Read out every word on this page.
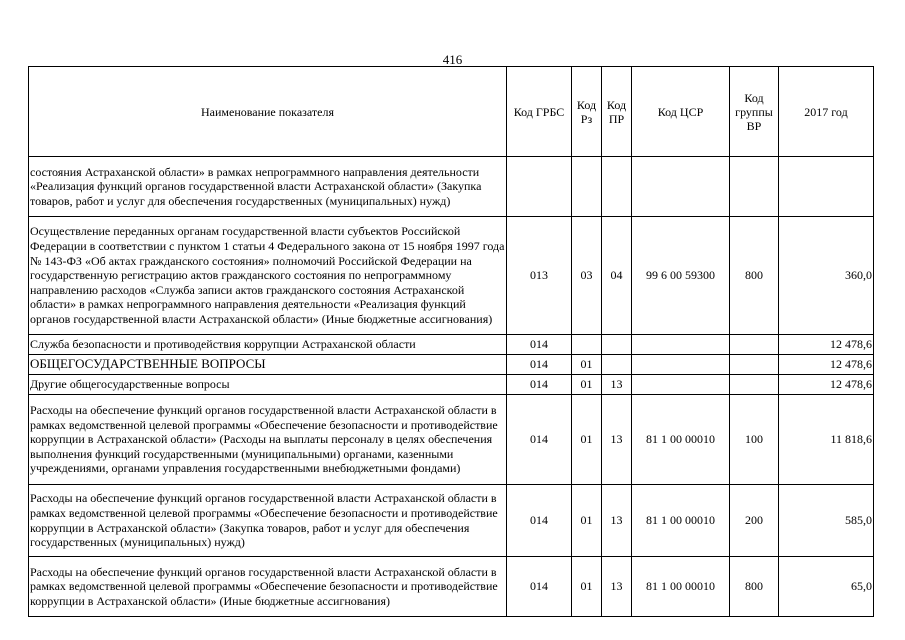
416
Наименование показателя	Код ГРБС	Код Рз	Код ПР	Код ЦСР	Код группы ВР	2017 год
состояния Астраханской области» в рамках непрограммного направления деятельности «Реализация функций органов государственной власти Астраханской области» (Закупка товаров, работ и услуг для обеспечения государственных (муниципальных) нужд)						
Осуществление переданных органам государственной власти субъектов Российской Федерации в соответствии с пунктом 1 статьи 4 Федерального закона от 15 ноября 1997 года № 143-ФЗ «Об актах гражданского состояния» полномочий Российской Федерации на государственную регистрацию актов гражданского состояния по непрограммному направлению расходов «Служба записи актов гражданского состояния Астраханской области» в рамках непрограммного направления деятельности «Реализация функций органов государственной власти Астраханской области» (Иные бюджетные ассигнования)	013	03	04	99 6 00 59300	800	360,0
Служба безопасности и противодействия коррупции Астраханской области	014					12 478,6
ОБЩЕГОСУДАРСТВЕННЫЕ ВОПРОСЫ	014	01				12 478,6
Другие общегосударственные вопросы	014	01	13			12 478,6
Расходы на обеспечение функций органов государственной власти Астраханской области в рамках ведомственной целевой программы «Обеспечение безопасности и противодействие коррупции в Астраханской области» (Расходы на выплаты персоналу в целях обеспечения выполнения функций государственными (муниципальными) органами, казенными учреждениями, органами управления государственными внебюджетными фондами)	014	01	13	81 1 00 00010	100	11 818,6
Расходы на обеспечение функций органов государственной власти Астраханской области в рамках ведомственной целевой программы «Обеспечение безопасности и противодействие коррупции в Астраханской области» (Закупка товаров, работ и услуг для обеспечения государственных (муниципальных) нужд)	014	01	13	81 1 00 00010	200	585,0
Расходы на обеспечение функций органов государственной власти Астраханской области в рамках ведомственной целевой программы «Обеспечение безопасности и противодействие коррупции в Астраханской области» (Иные бюджетные ассигнования)	014	01	13	81 1 00 00010	800	65,0
